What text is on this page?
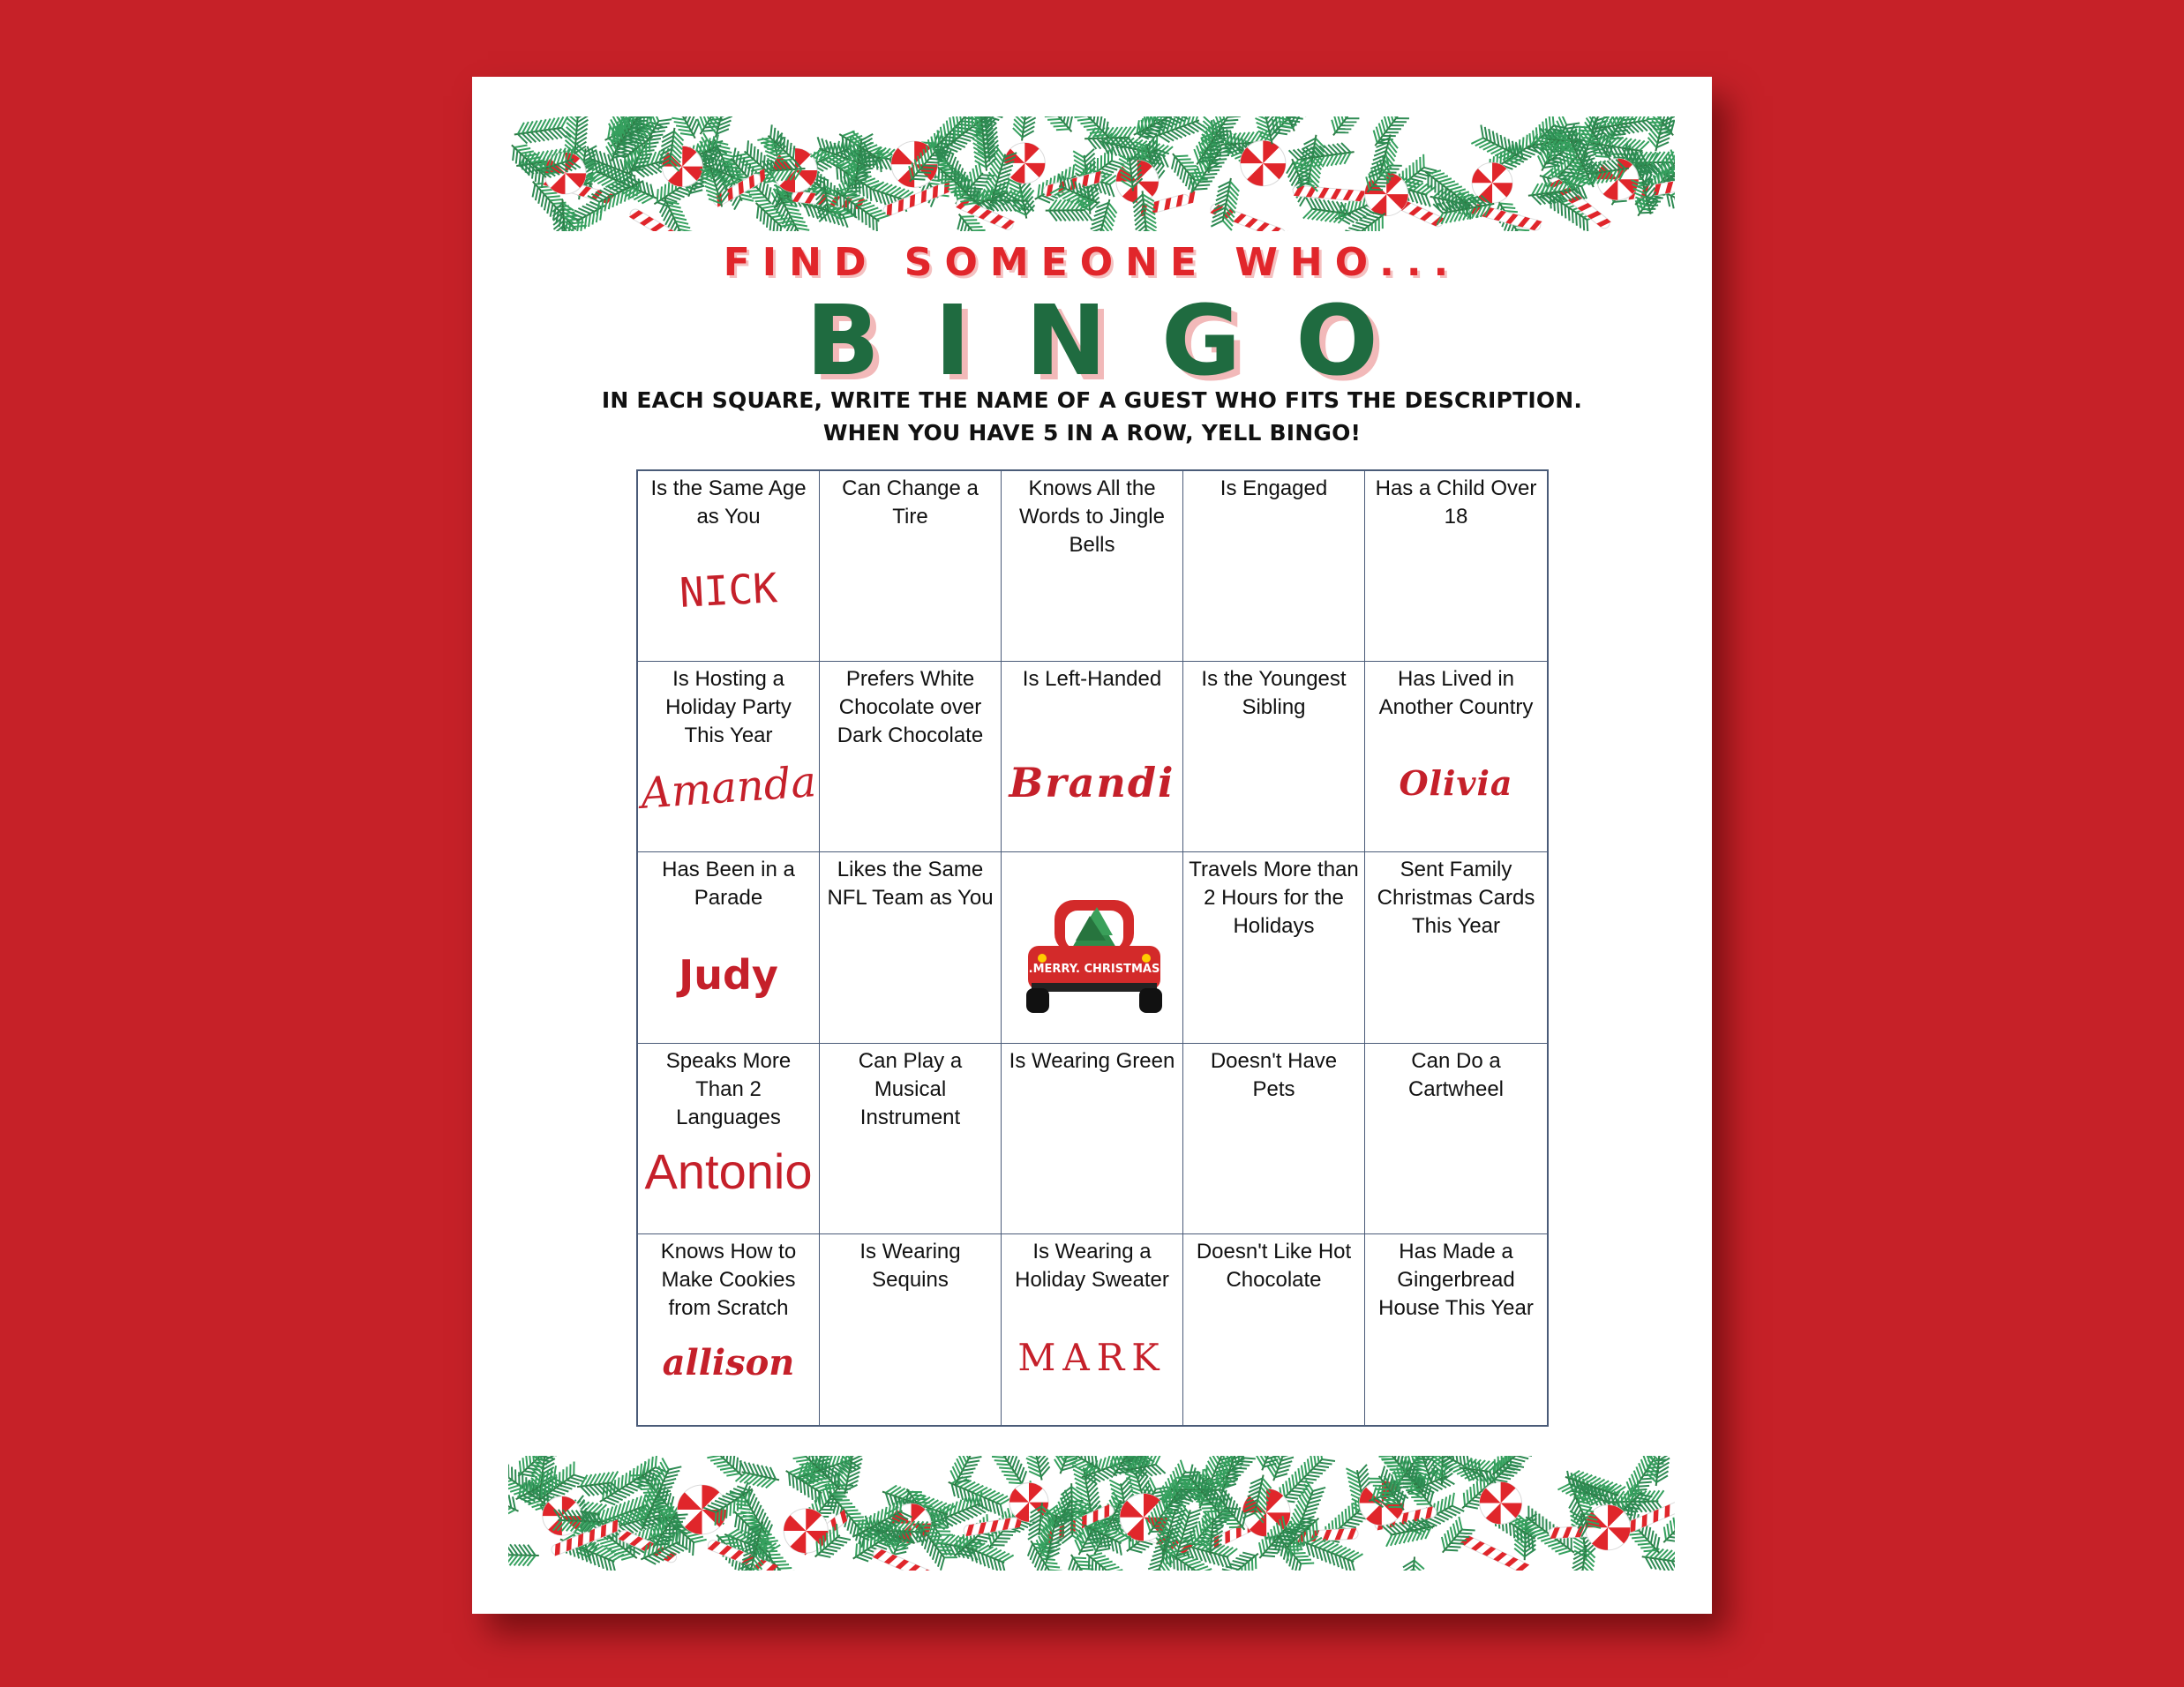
FIND SOMEONE WHO...
BINGO
IN EACH SQUARE, WRITE THE NAME OF A GUEST WHO FITS THE DESCRIPTION.
WHEN YOU HAVE 5 IN A ROW, YELL BINGO!
Is the Same Age as You
NICK
Can Change a Tire
Knows All the Words to Jingle Bells
Is Engaged	Has a Child Over 18
Is Hosting a Holiday Party This Year
Amanda
Prefers White Chocolate over Dark Chocolate
Is Left-Handed
Brandi
Is the Youngest Sibling
Has Lived in Another Country
Olivia
Has Been in a Parade
Judy
Likes the Same NFL Team as You
.MERRY. CHRISTMAS
Travels More than 2 Hours for the Holidays
Sent Family Christmas Cards This Year
Speaks More Than 2 Languages
Antonio
Can Play a Musical Instrument
Is Wearing Green	Doesn't Have Pets
Can Do a Cartwheel
Knows How to Make Cookies from Scratch
allison
Is Wearing Sequins
Is Wearing a Holiday Sweater
MARK
Doesn't Like Hot Chocolate
Has Made a Gingerbread House This Year
